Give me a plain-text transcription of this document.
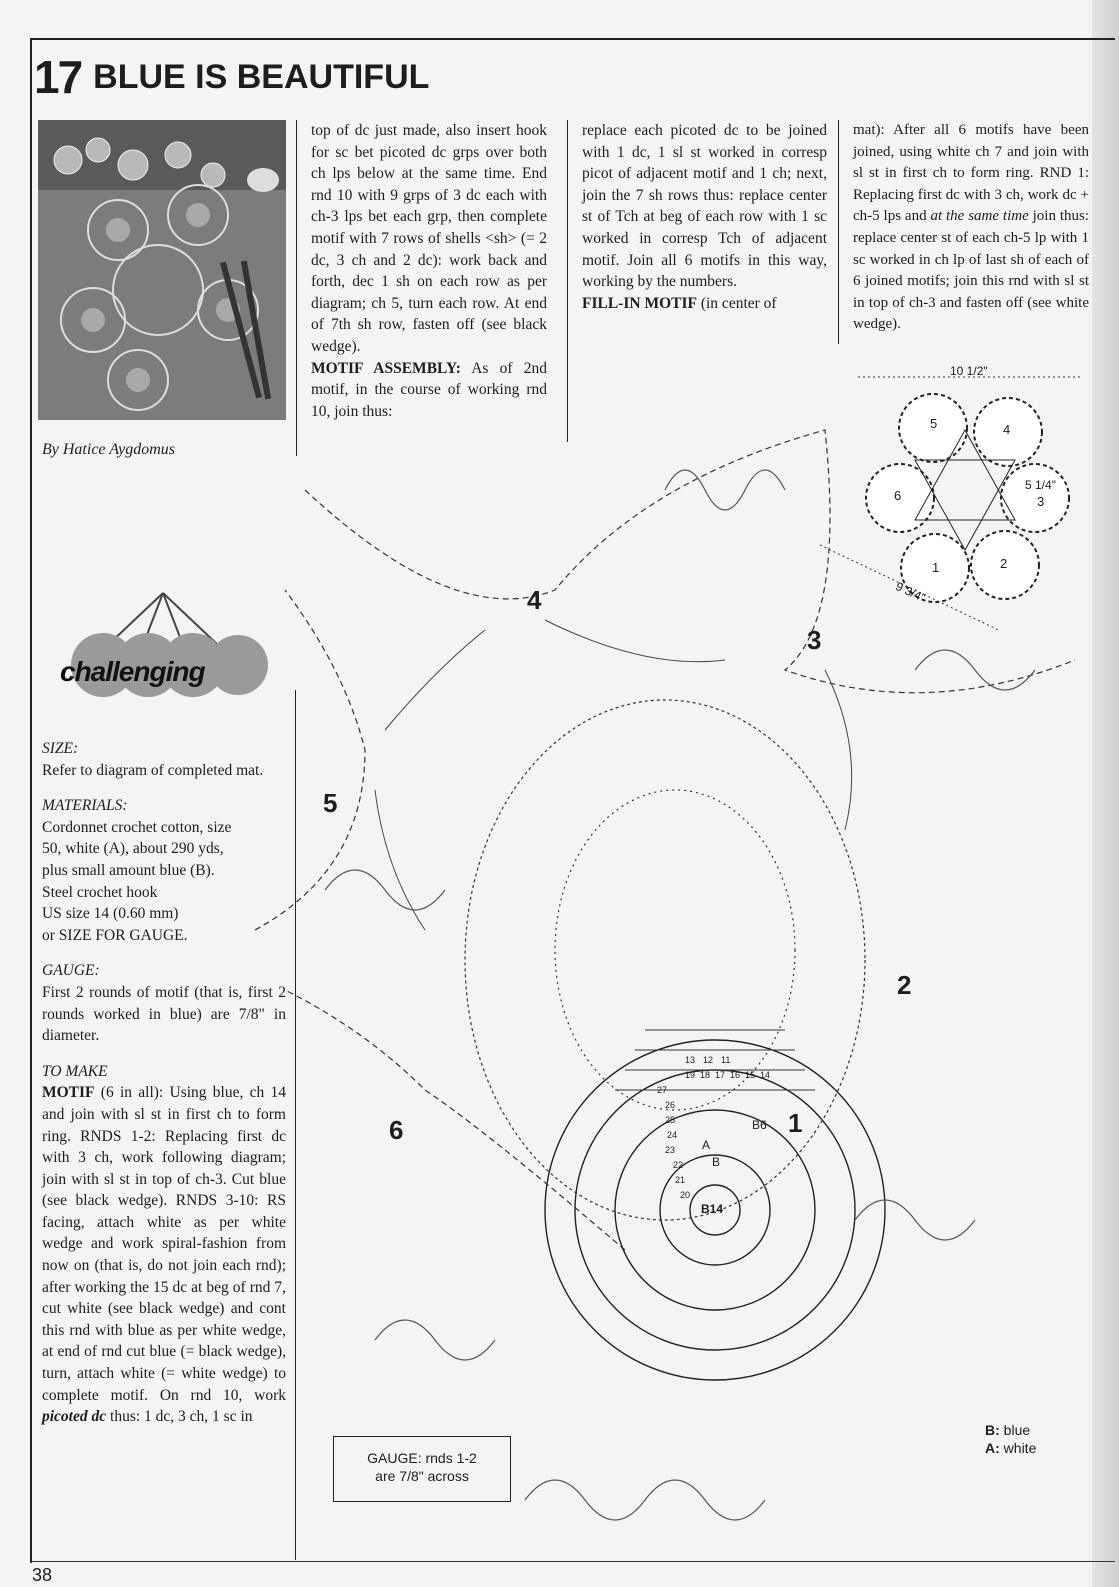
17 BLUE IS BEAUTIFUL
By Hatice Aygdomus
challenging

SIZE:

Refer to diagram of completed mat.

MATERIALS:

Cordonnet crochet cotton, size

50, white (A), about 290 yds,

plus small amount blue (B).

Steel crochet hook

US size 14 (0.60 mm)

or SIZE FOR GAUGE.

GAUGE:

First 2 rounds of motif (that is, first 2 rounds worked in blue) are 7/8" in diameter.

TO MAKE

MOTIF (6 in all): Using blue, ch 14 and join with sl st in first ch to form ring. RNDS 1-2: Replacing first dc with 3 ch, work following diagram; join with sl st in top of ch-3. Cut blue (see black wedge). RNDS 3-10: RS facing, attach white as per white wedge and work spiral-fashion from now on (that is, do not join each rnd); after working the 15 dc at beg of rnd 7, cut white (see black wedge) and cont this rnd with blue as per white wedge, at end of rnd cut blue (= black wedge), turn, attach white (= white wedge) to complete motif. On rnd 10, work picoted dc thus: 1 dc, 3 ch, 1 sc in

top of dc just made, also insert hook for sc bet picoted dc grps over both ch lps below at the same time. End rnd 10 with 9 grps of 3 dc each with ch-3 lps bet each grp, then complete motif with 7 rows of shells <sh> (= 2 dc, 3 ch and 2 dc): work back and forth, dec 1 sh on each row as per diagram; ch 5, turn each row. At end of 7th sh row, fasten off (see black wedge).

MOTIF ASSEMBLY: As of 2nd motif, in the course of working rnd 10, join thus:

replace each picoted dc to be joined with 1 dc, 1 sl st worked in corresp picot of adjacent motif and 1 ch; next, join the 7 sh rows thus: replace center st of Tch at beg of each row with 1 sc worked in corresp Tch of adjacent motif. Join all 6 motifs in this way, working by the numbers.

FILL-IN MOTIF (in center of

mat): After all 6 motifs have been joined, using white ch 7 and join with sl st in first ch to form ring. RND 1: Replacing first dc with 3 ch, work dc + ch-5 lps and at the same time join thus: replace center st of each ch-5 lp with 1 sc worked in ch lp of last sh of each of 6 joined motifs; join this rnd with sl st in top of ch-3 and fasten off (see white wedge).

10 1/2"
5 1/4"
9 3/4"
5	4
6	3
1	2
4
3
5
2
6	1
B14
A
B
B6
27
26
25
24
23
22
21
20
19 18 17 16 15 14
13 12 11
GAUGE: rnds 1-2
are 7/8" across
B: blue
A: white
38
